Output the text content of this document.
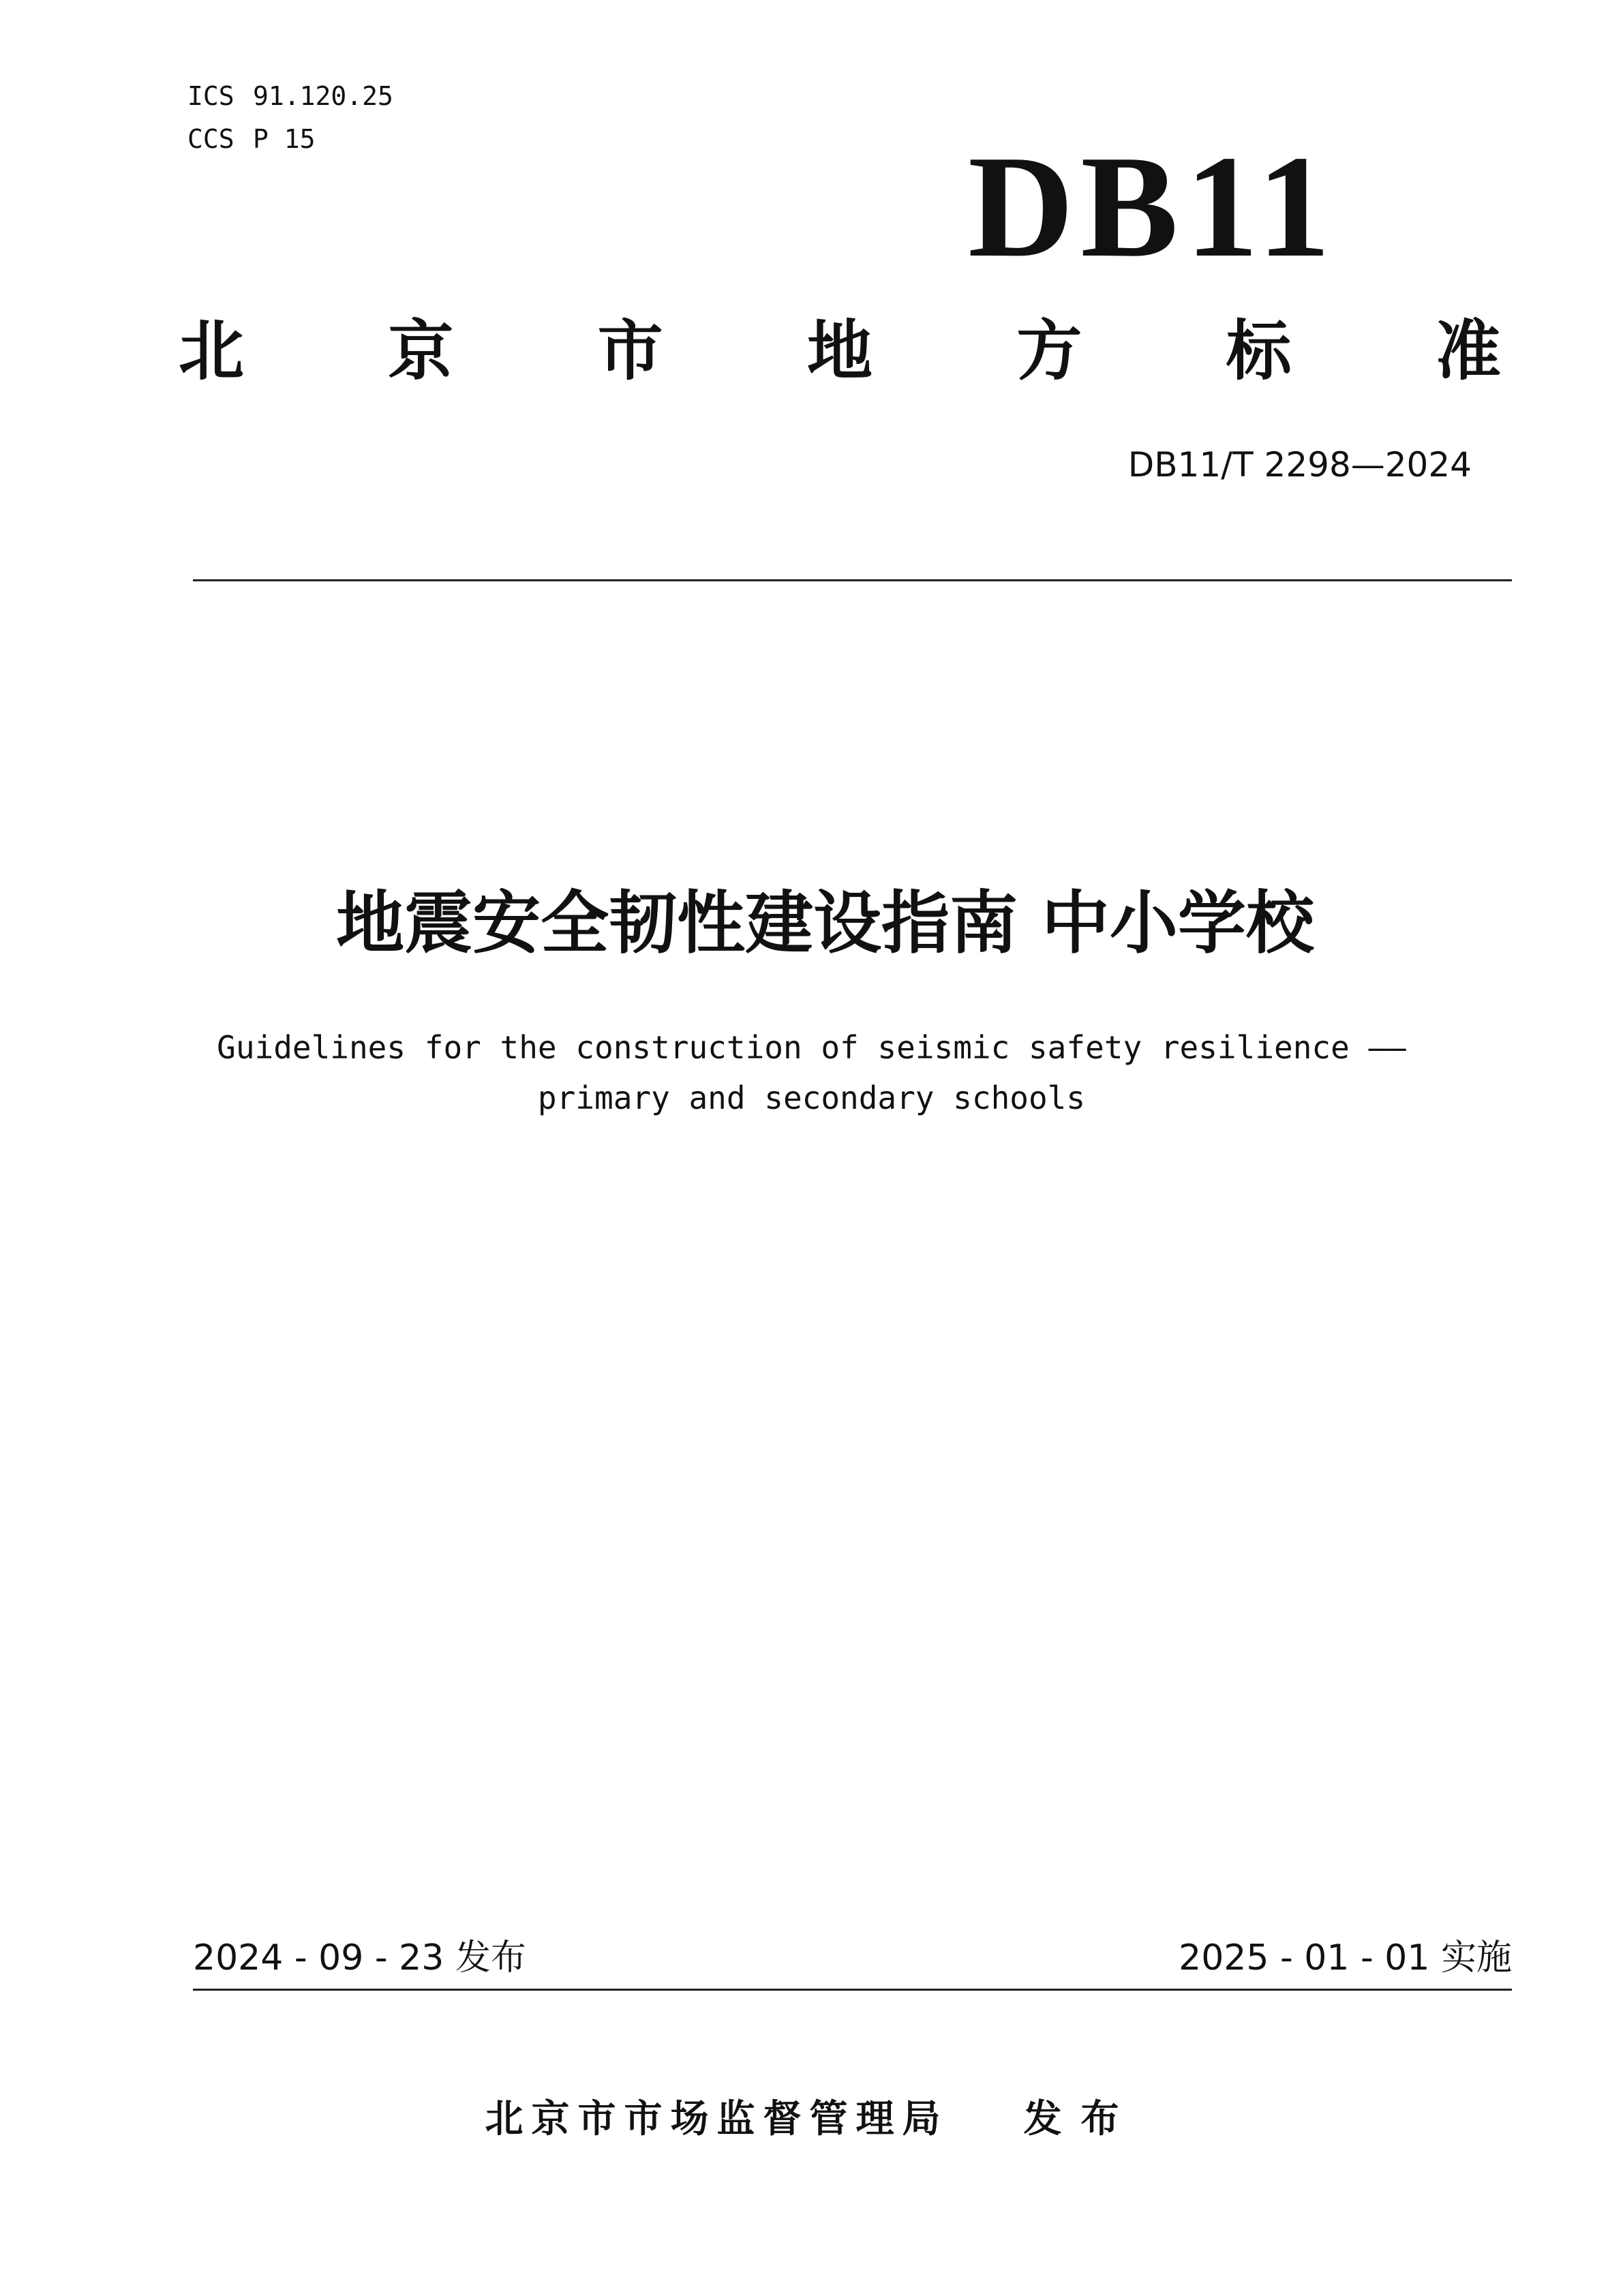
ICS 91.120.25
CCS P 15	DB11
北 京 市 地 方 标 准
DB11/T 2298—2024
地震安全韧性建设指南 中小学校
Guidelines for the construction of seismic safety resilience ——
primary and secondary schools
2024 - 09 - 23 发布	2025 - 01 - 01 实施
北京市市场监督管理局 发布
